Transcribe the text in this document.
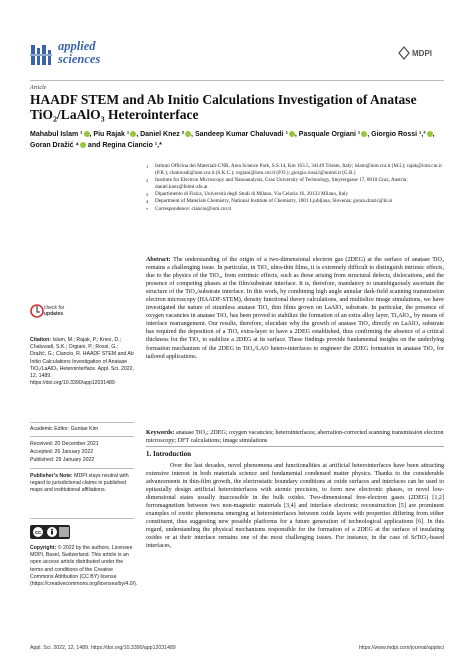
applied
sciences	MDPI
Article
HAADF STEM and Ab Initio Calculations Investigation of Anatase TiO₂/LaAlO₃ Heterointerface
Mahabul Islam ¹ , Piu Rajak ¹ , Daniel Knez ² , Sandeep Kumar Chaluvadi ¹ , Pasquale Orgiani ¹ , Giorgio Rossi ¹,³ , Goran Dražić ⁴ and Regina Ciancio ¹,*
1	Istituto Officina dei Materiali-CNR, Area Science Park, S.S.14, Km 163.5, 34149 Trieste, Italy; islam@iom.cnr.it (M.I.); rajak@iom.cnr.it (P.R.); chaluvadi@iom.cnr.it (S.K.C.); orgiani@iom.cnr.it (P.O.); giorgio.rossi2@unimi.it (G.R.)
2	Institute for Electron Microscopy and Nanoanalysis, Graz University of Technology, Steyrergasse 17, 8010 Graz, Austria; daniel.knez@felmi-zfe.at
3	Dipartimento di Fisica, Università degli Studi di Milano, Via Celoria 16, 20133 Milano, Italy
4	Department of Materials Chemistry, National Institute of Chemistry, 1001 Ljubljana, Slovenia; goran.drazic@ki.si
*	Correspondence: ciancio@iom.cnr.it
Abstract: The understanding of the origin of a two-dimensional electron gas (2DEG) at the surface of anatase TiO₂ remains a challenging issue. In particular, in TiO₂ ultra-thin films, it is extremely difficult to distinguish intrinsic effects, due to the physics of the TiO₂, from extrinsic effects, such as those arising from structural defects, dislocations, and the presence of competing phases at the film/substrate interface. It is, therefore, mandatory to unambiguously ascertain the structure of the TiO₂/substrate interface. In this work, by combining high angle annular dark-field scanning transmission electron microscopy (HAADF-STEM), density functional theory calculations, and multislice image simulations, we have investigated the nature of strainless anatase TiO₂ thin films grown on LaAlO₃ substrate. In particular, the presence of oxygen vacancies in anatase TiO₂ has been proved to stabilize the formation of an extra alloy layer, Ti₃AlO₄, by means of interface rearrangement. Our results, therefore, elucidate why the growth of anatase TiO₂ directly on LaAlO₃ substrate has required the deposition of a TiOₓ extra-layer to have a 2DEG established, thus confirming the absence of a critical thickness for the TiO₂ to stabilize a 2DEG at its surface. These findings provide fundamental insights on the underlying formation mechanism of the 2DEG in TiO₂/LAO hetero-interfaces to engineer the 2DEG formation in anatase TiO₂ for tailored applications.
Keywords: anatase TiO₂; 2DEG; oxygen vacancies; heterointerfaces; aberration-corrected scanning transmission electron microscopy; DFT calculations; image simulations
check for
updates
Citation: Islam, M.; Rajak, P.; Knez, D.; Chaluvadi, S.K.; Orgiani, P.; Rossi, G.; Dražić, G.; Ciancio, R. HAADF STEM and Ab Initio Calculations Investigation of Anatase TiO₂/LaAlO₃ Heterointerface. Appl. Sci. 2022, 12, 1489. https://doi.org/10.3390/app12031489
Academic Editor: Guntae Kim
Received: 20 December 2021
Accepted: 26 January 2022
Published: 29 January 2022
Publisher’s Note: MDPI stays neutral with regard to jurisdictional claims in published maps and institutional affiliations.
cc
Copyright: © 2022 by the authors. Licensee MDPI, Basel, Switzerland. This article is an open access article distributed under the terms and conditions of the Creative Commons Attribution (CC BY) license (https://creativecommons.org/licenses/by/4.0/).
1. Introduction
Over the last decades, novel phenomena and functionalities at artificial heterointerfaces have been attracting extensive interest in both materials science and fundamental condensed matter physics. Thanks to the considerable advancements in thin-film growth, the electrostatic boundary conditions at oxide surfaces and interfaces can be used to epitaxially design artificial heterointerfaces with atomic precision, to form new electronic phases, or novel low-dimensional states usually inaccessible in the bulk oxides. Two-dimensional free-electron gases (2DEG) [1,2] ferromagnetism between two non-magnetic materials [3,4] and interface electronic reconstruction [5] are prominent examples of exotic phenomena emerging at heterointerfaces between oxide layers with properties differing from either constituent, thus suggesting new possible platforms for a future generation of technological applications [6]. In this regard, understanding the physical mechanisms responsible for the formation of a 2DEG at the surface of insulating oxides or at their interface remains one of the most challenging issues. For instance, in the case of SrTiO₃-based interfaces,
Appl. Sci. 2022, 12, 1489. https://doi.org/10.3390/app12031489	https://www.mdpi.com/journal/applsci
